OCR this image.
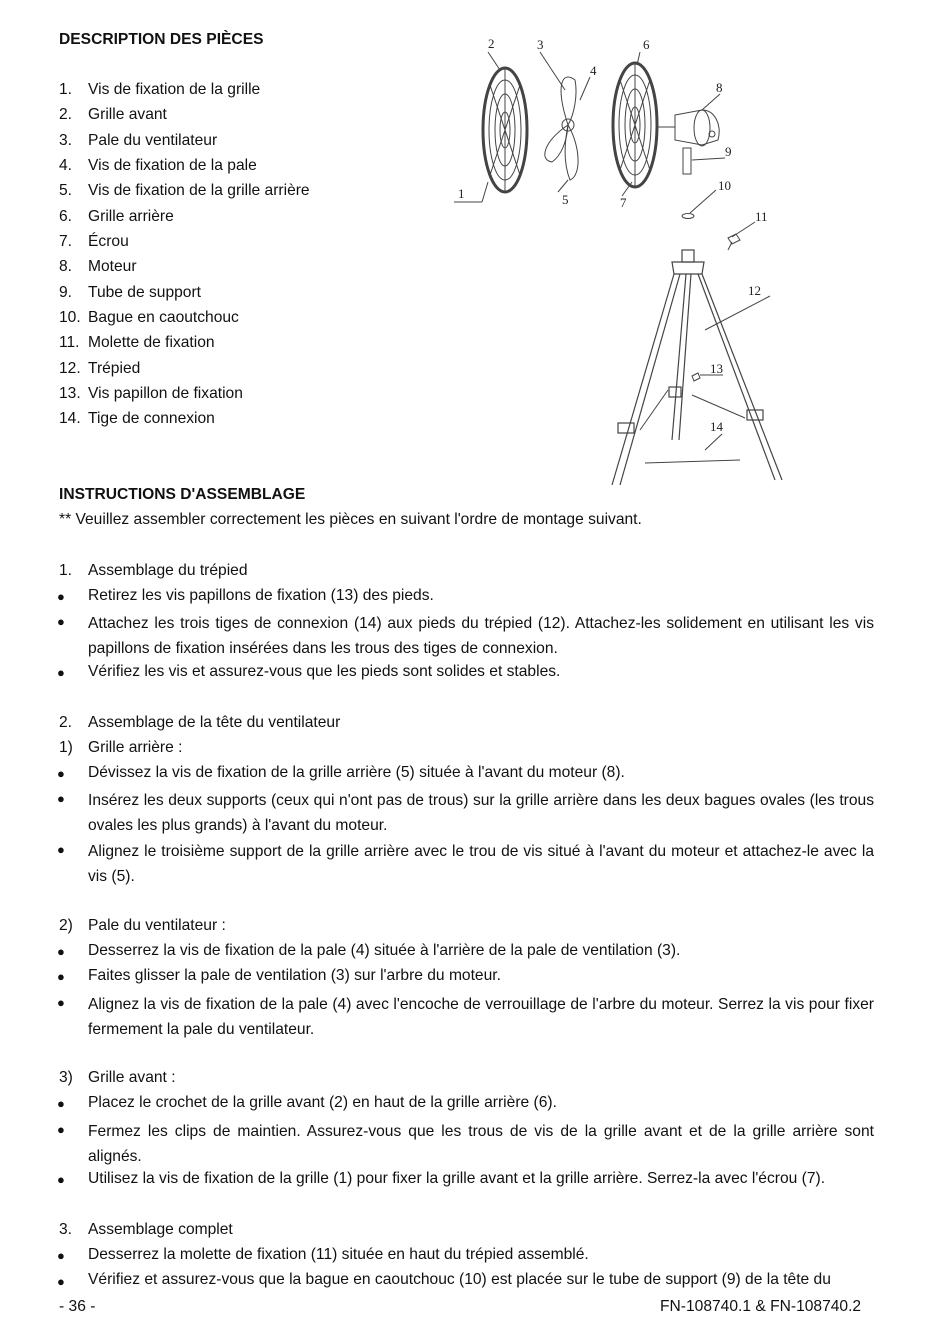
DESCRIPTION DES PIÈCES
1. Vis de fixation de la grille
2. Grille avant
3. Pale du ventilateur
4. Vis de fixation de la pale
5. Vis de fixation de la grille arrière
6. Grille arrière
7. Écrou
8. Moteur
9. Tube de support
10. Bague en caoutchouc
11. Molette de fixation
12. Trépied
13. Vis papillon de fixation
14. Tige de connexion
1
2	3
4
5
6
7
8
9
10
11
12
13
14
INSTRUCTIONS D'ASSEMBLAGE
** Veuillez assembler correctement les pièces en suivant l'ordre de montage suivant.
1. Assemblage du trépied
● Retirez les vis papillons de fixation (13) des pieds.
● Attachez les trois tiges de connexion (14) aux pieds du trépied (12). Attachez-les solidement en utilisant les vis papillons de fixation insérées dans les trous des tiges de connexion.
● Vérifiez les vis et assurez-vous que les pieds sont solides et stables.
2. Assemblage de la tête du ventilateur
1) Grille arrière :
● Dévissez la vis de fixation de la grille arrière (5) située à l'avant du moteur (8).
● Insérez les deux supports (ceux qui n'ont pas de trous) sur la grille arrière dans les deux bagues ovales (les trous ovales les plus grands) à l'avant du moteur.
● Alignez le troisième support de la grille arrière avec le trou de vis situé à l'avant du moteur et attachez-le avec la vis (5).
2) Pale du ventilateur :
● Desserrez la vis de fixation de la pale (4) située à l'arrière de la pale de ventilation (3).
● Faites glisser la pale de ventilation (3) sur l'arbre du moteur.
● Alignez la vis de fixation de la pale (4) avec l'encoche de verrouillage de l'arbre du moteur. Serrez la vis pour fixer fermement la pale du ventilateur.
3) Grille avant :
● Placez le crochet de la grille avant (2) en haut de la grille arrière (6).
● Fermez les clips de maintien. Assurez-vous que les trous de vis de la grille avant et de la grille arrière sont alignés.
● Utilisez la vis de fixation de la grille (1) pour fixer la grille avant et la grille arrière. Serrez-la avec l'écrou (7).
3. Assemblage complet
● Desserrez la molette de fixation (11) située en haut du trépied assemblé.
● Vérifiez et assurez-vous que la bague en caoutchouc (10) est placée sur le tube de support (9) de la tête du
- 36 -	FN-108740.1 & FN-108740.2
